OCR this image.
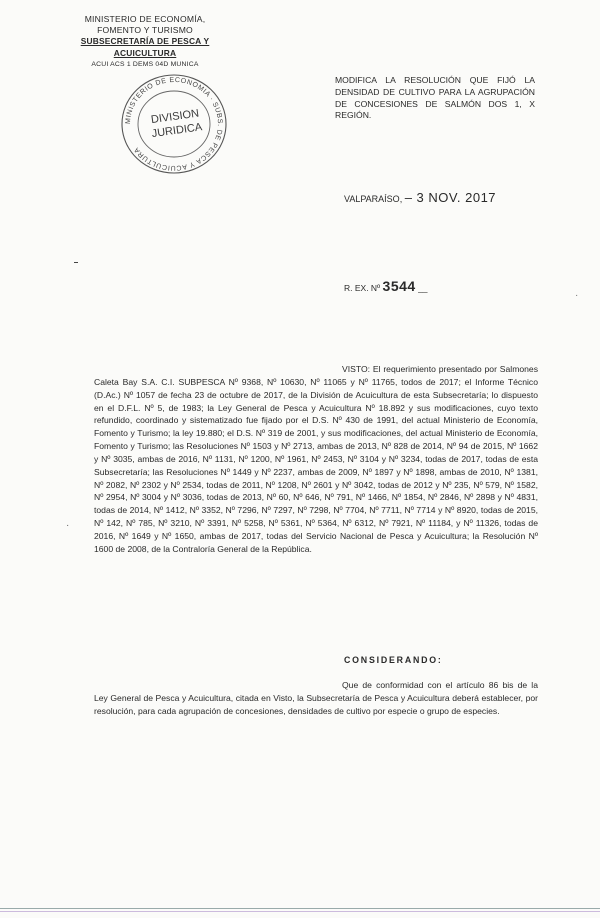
MINISTERIO DE ECONOMÍA,
FOMENTO Y TURISMO
SUBSECRETARÍA DE PESCA Y ACUICULTURA
ACUI ACS 1 DEMS 04D MUNICA
MINISTERIO DE ECONOMIA · SUBS. DE PESCA Y ACUICULTURA
DIVISION
JURIDICA
MODIFICA LA RESOLUCIÓN QUE FIJÓ LA DENSIDAD DE CULTIVO PARA LA AGRUPACIÓN DE CONCESIONES DE SALMÓN DOS 1, X REGIÓN.
VALPARAÍSO, – 3 NOV. 2017
R. EX. Nº 3544 __
VISTO: El requerimiento presentado por Salmones Caleta Bay S.A. C.I. SUBPESCA Nº 9368, Nº 10630, Nº 11065 y Nº 11765, todos de 2017; el Informe Técnico (D.Ac.) Nº 1057 de fecha 23 de octubre de 2017, de la División de Acuicultura de esta Subsecretaría; lo dispuesto en el D.F.L. Nº 5, de 1983; la Ley General de Pesca y Acuicultura Nº 18.892 y sus modificaciones, cuyo texto refundido, coordinado y sistematizado fue fijado por el D.S. Nº 430 de 1991, del actual Ministerio de Economía, Fomento y Turismo; la ley 19.880; el D.S. Nº 319 de 2001, y sus modificaciones, del actual Ministerio de Economía, Fomento y Turismo; las Resoluciones Nº 1503 y Nº 2713, ambas de 2013, Nº 828 de 2014, Nº 94 de 2015, Nº 1662 y Nº 3035, ambas de 2016, Nº 1131, Nº 1200, Nº 1961, Nº 2453, Nº 3104 y Nº 3234, todas de 2017, todas de esta Subsecretaría; las Resoluciones Nº 1449 y Nº 2237, ambas de 2009, Nº 1897 y Nº 1898, ambas de 2010, Nº 1381, Nº 2082, Nº 2302 y Nº 2534, todas de 2011, Nº 1208, Nº 2601 y Nº 3042, todas de 2012 y Nº 235, Nº 579, Nº 1582, Nº 2954, Nº 3004 y Nº 3036, todas de 2013, Nº 60, Nº 646, Nº 791, Nº 1466, Nº 1854, Nº 2846, Nº 2898 y Nº 4831, todas de 2014, Nº 1412, Nº 3352, Nº 7296, Nº 7297, Nº 7298, Nº 7704, Nº 7711, Nº 7714 y Nº 8920, todas de 2015, Nº 142, Nº 785, Nº 3210, Nº 3391, Nº 5258, Nº 5361, Nº 5364, Nº 6312, Nº 7921, Nº 11184, y Nº 11326, todas de 2016, Nº 1649 y Nº 1650, ambas de 2017, todas del Servicio Nacional de Pesca y Acuicultura; la Resolución Nº 1600 de 2008, de la Contraloría General de la República.
CONSIDERANDO:
Que de conformidad con el artículo 86 bis de la Ley General de Pesca y Acuicultura, citada en Visto, la Subsecretaría de Pesca y Acuicultura deberá establecer, por resolución, para cada agrupación de concesiones, densidades de cultivo por especie o grupo de especies.
·
·
